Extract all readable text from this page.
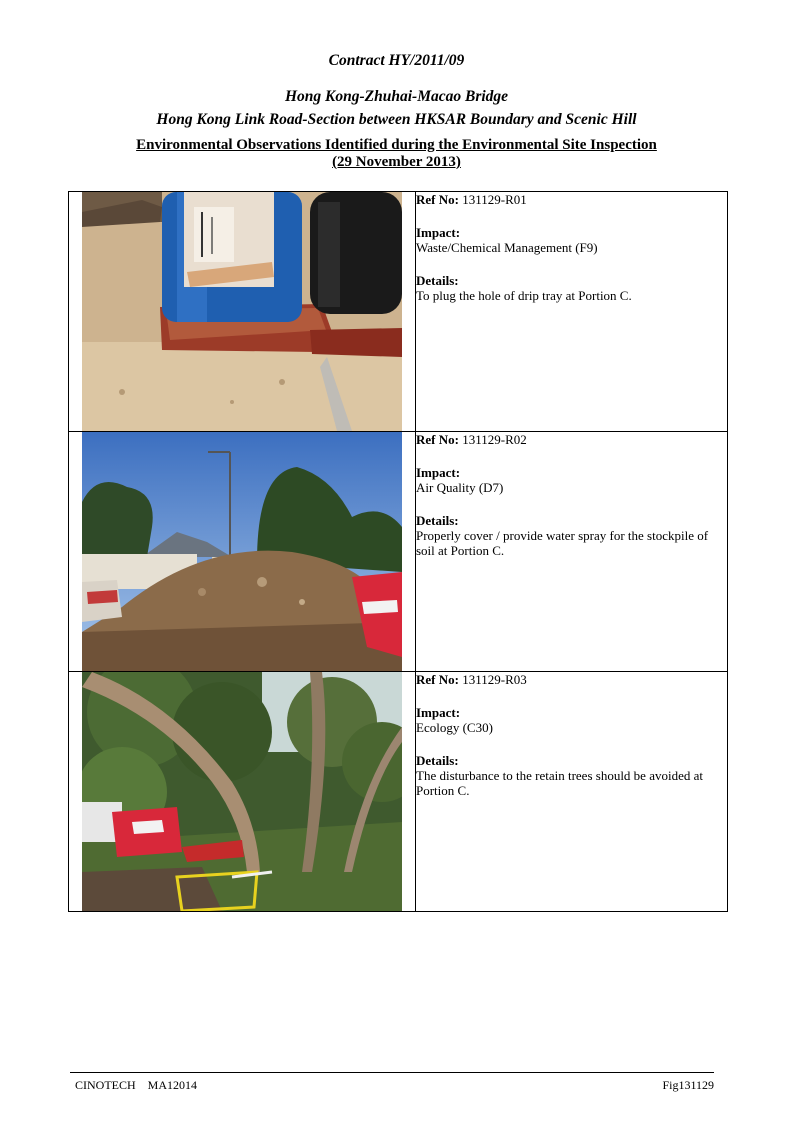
Contract HY/2011/09
Hong Kong-Zhuhai-Macao Bridge
Hong Kong Link Road-Section between HKSAR Boundary and Scenic Hill
Environmental Observations Identified during the Environmental Site Inspection
(29 November 2013)

Ref No: 131129-R01
Impact:
Waste/Chemical Management (F9)
Details:
To plug the hole of drip tray at Portion C.

Ref No: 131129-R02
Impact:
Air Quality (D7)
Details:
Properly cover / provide water spray for the stockpile of soil at Portion C.

Ref No: 131129-R03
Impact:
Ecology (C30)
Details:
The disturbance to the retain trees should be avoided at Portion C.
CINOTECH MA12014	Fig131129
